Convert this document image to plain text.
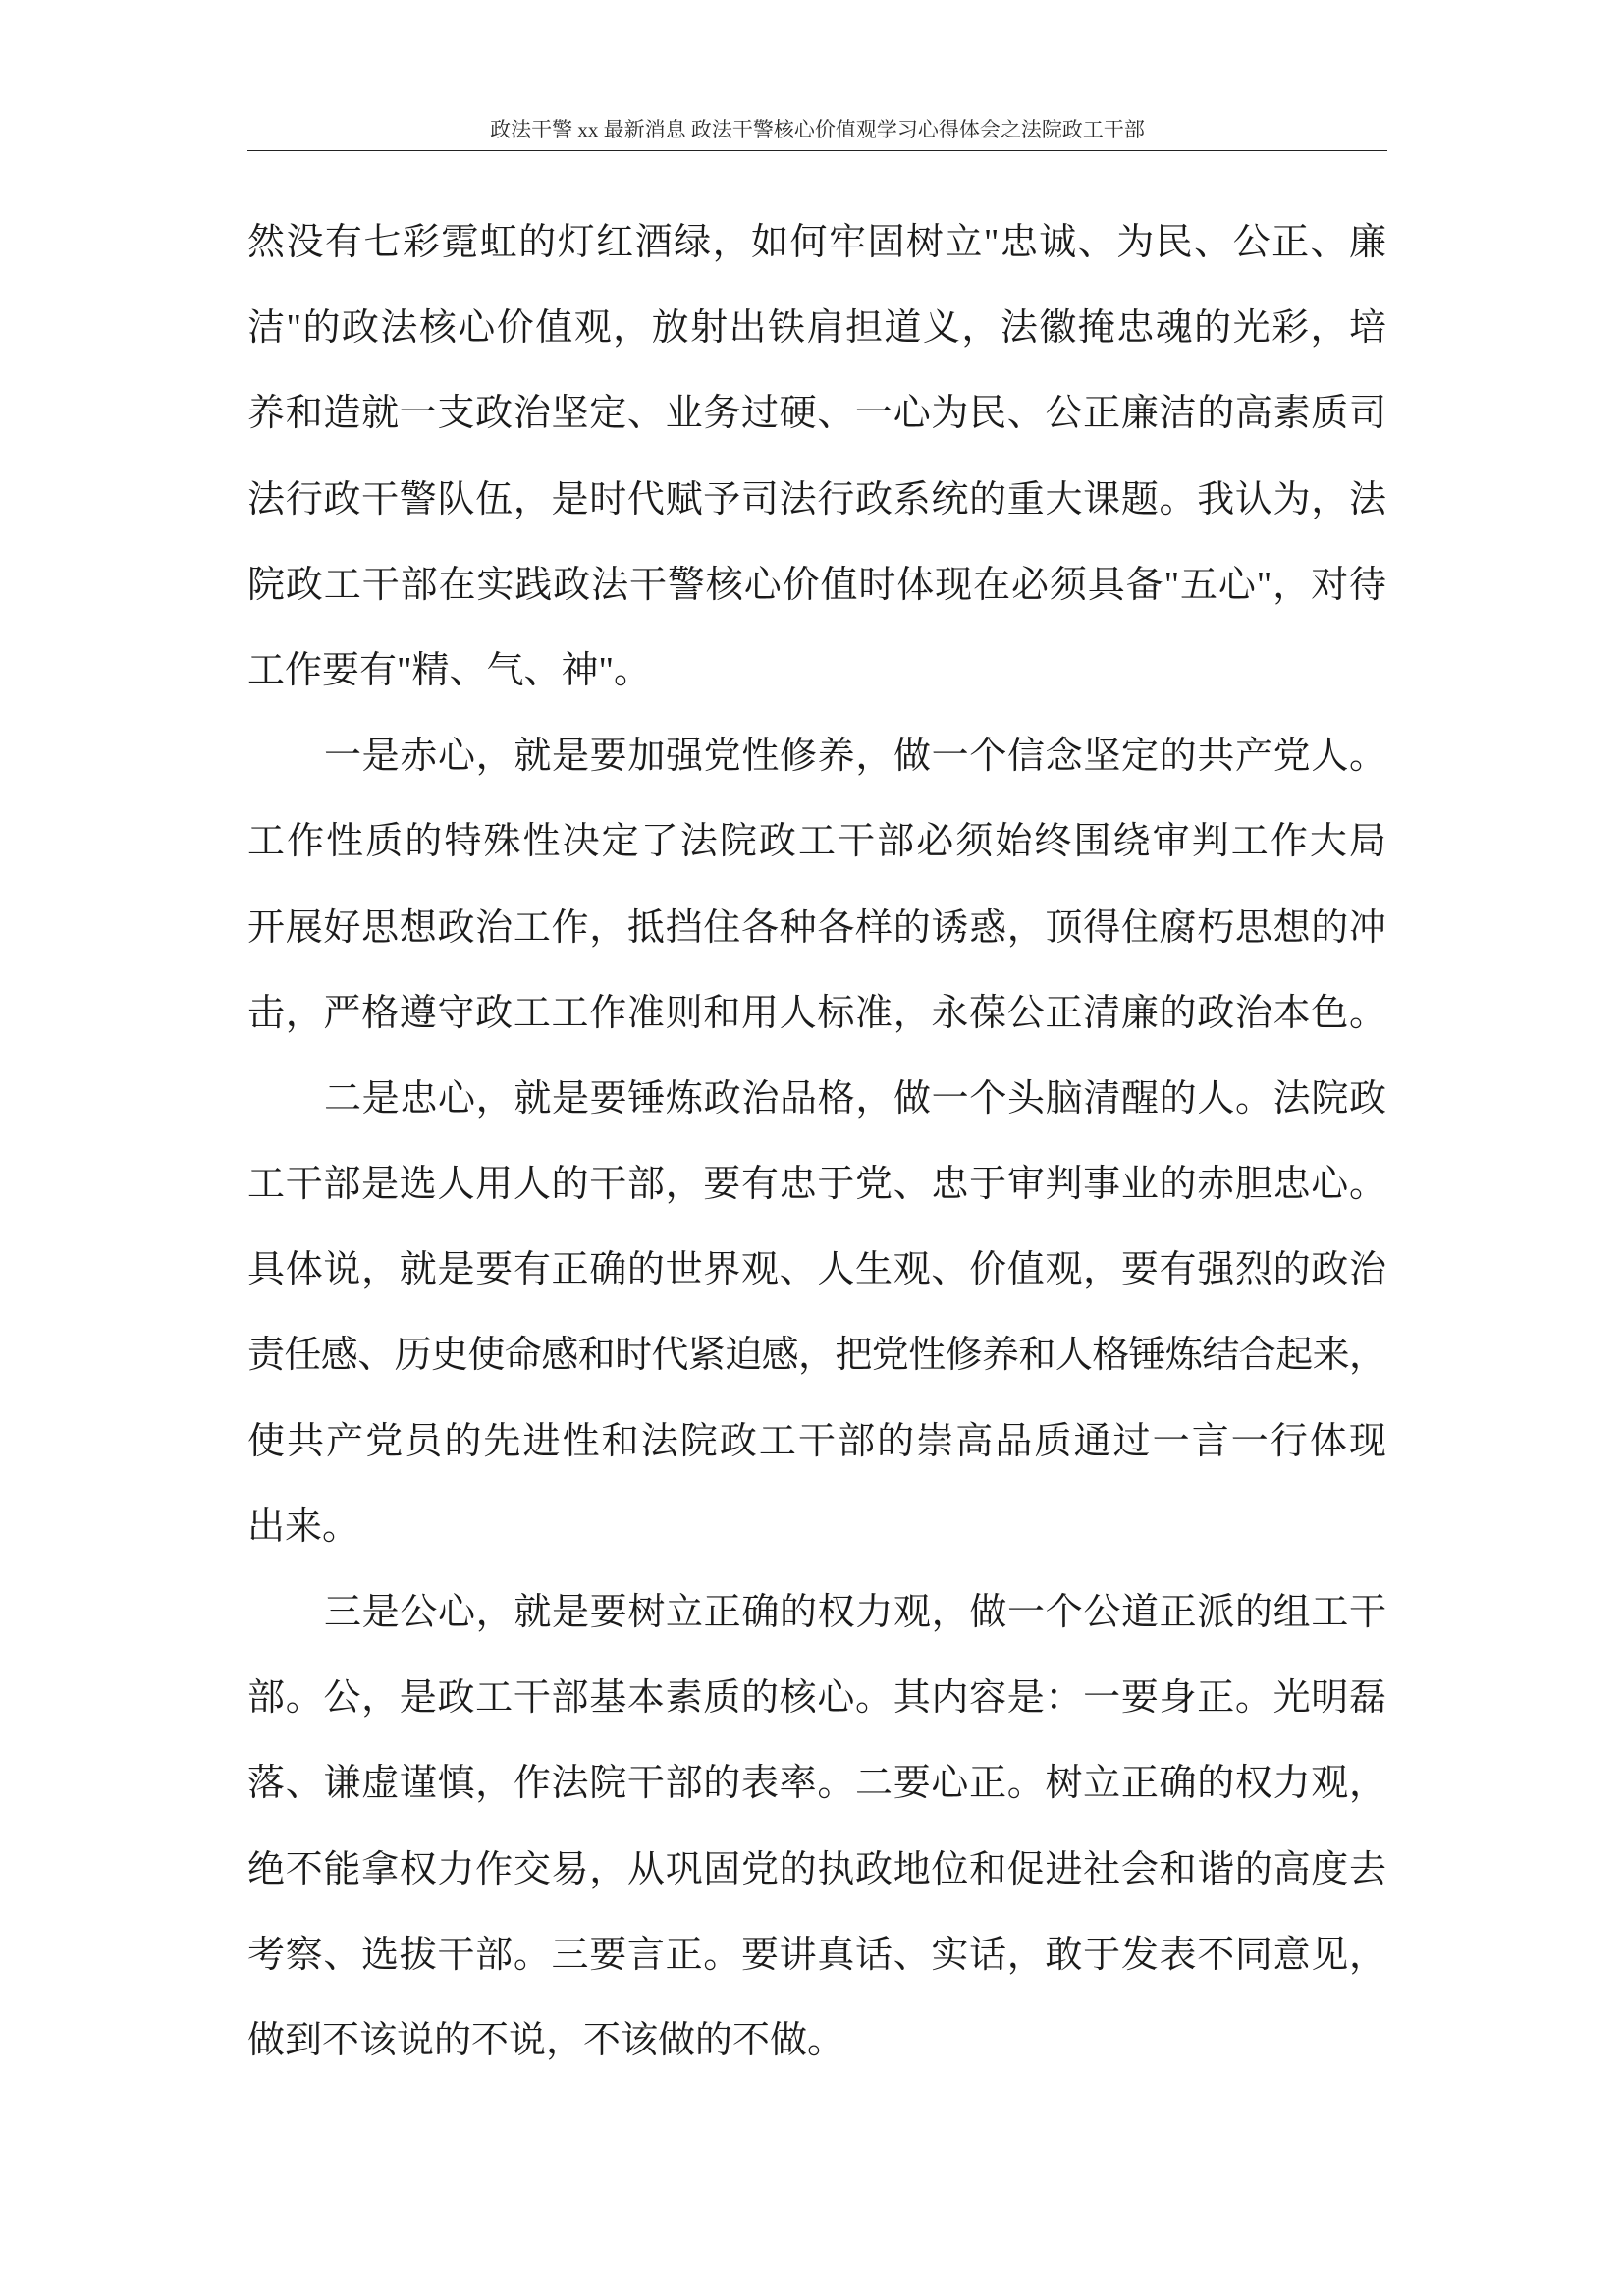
政法干警 xx 最新消息 政法干警核心价值观学习心得体会之法院政工干部
然没有七彩霓虹的灯红酒绿，如何牢固树立"忠诚、为民、公正、廉
洁"的政法核心价值观，放射出铁肩担道义，法徽掩忠魂的光彩，培
养和造就一支政治坚定、业务过硬、一心为民、公正廉洁的高素质司
法行政干警队伍，是时代赋予司法行政系统的重大课题。我认为，法
院政工干部在实践政法干警核心价值时体现在必须具备"五心"，对待
工作要有"精、气、神"。
一是赤心，就是要加强党性修养，做一个信念坚定的共产党人。
工作性质的特殊性决定了法院政工干部必须始终围绕审判工作大局
开展好思想政治工作，抵挡住各种各样的诱惑，顶得住腐朽思想的冲
击，严格遵守政工工作准则和用人标准，永葆公正清廉的政治本色。
二是忠心，就是要锤炼政治品格，做一个头脑清醒的人。法院政
工干部是选人用人的干部，要有忠于党、忠于审判事业的赤胆忠心。
具体说，就是要有正确的世界观、人生观、价值观，要有强烈的政治
责任感、历史使命感和时代紧迫感，把党性修养和人格锤炼结合起来，
使共产党员的先进性和法院政工干部的崇高品质通过一言一行体现
出来。
三是公心，就是要树立正确的权力观，做一个公道正派的组工干
部。公，是政工干部基本素质的核心。其内容是：一要身正。光明磊
落、谦虚谨慎，作法院干部的表率。二要心正。树立正确的权力观，
绝不能拿权力作交易，从巩固党的执政地位和促进社会和谐的高度去
考察、选拔干部。三要言正。要讲真话、实话，敢于发表不同意见，
做到不该说的不说，不该做的不做。
